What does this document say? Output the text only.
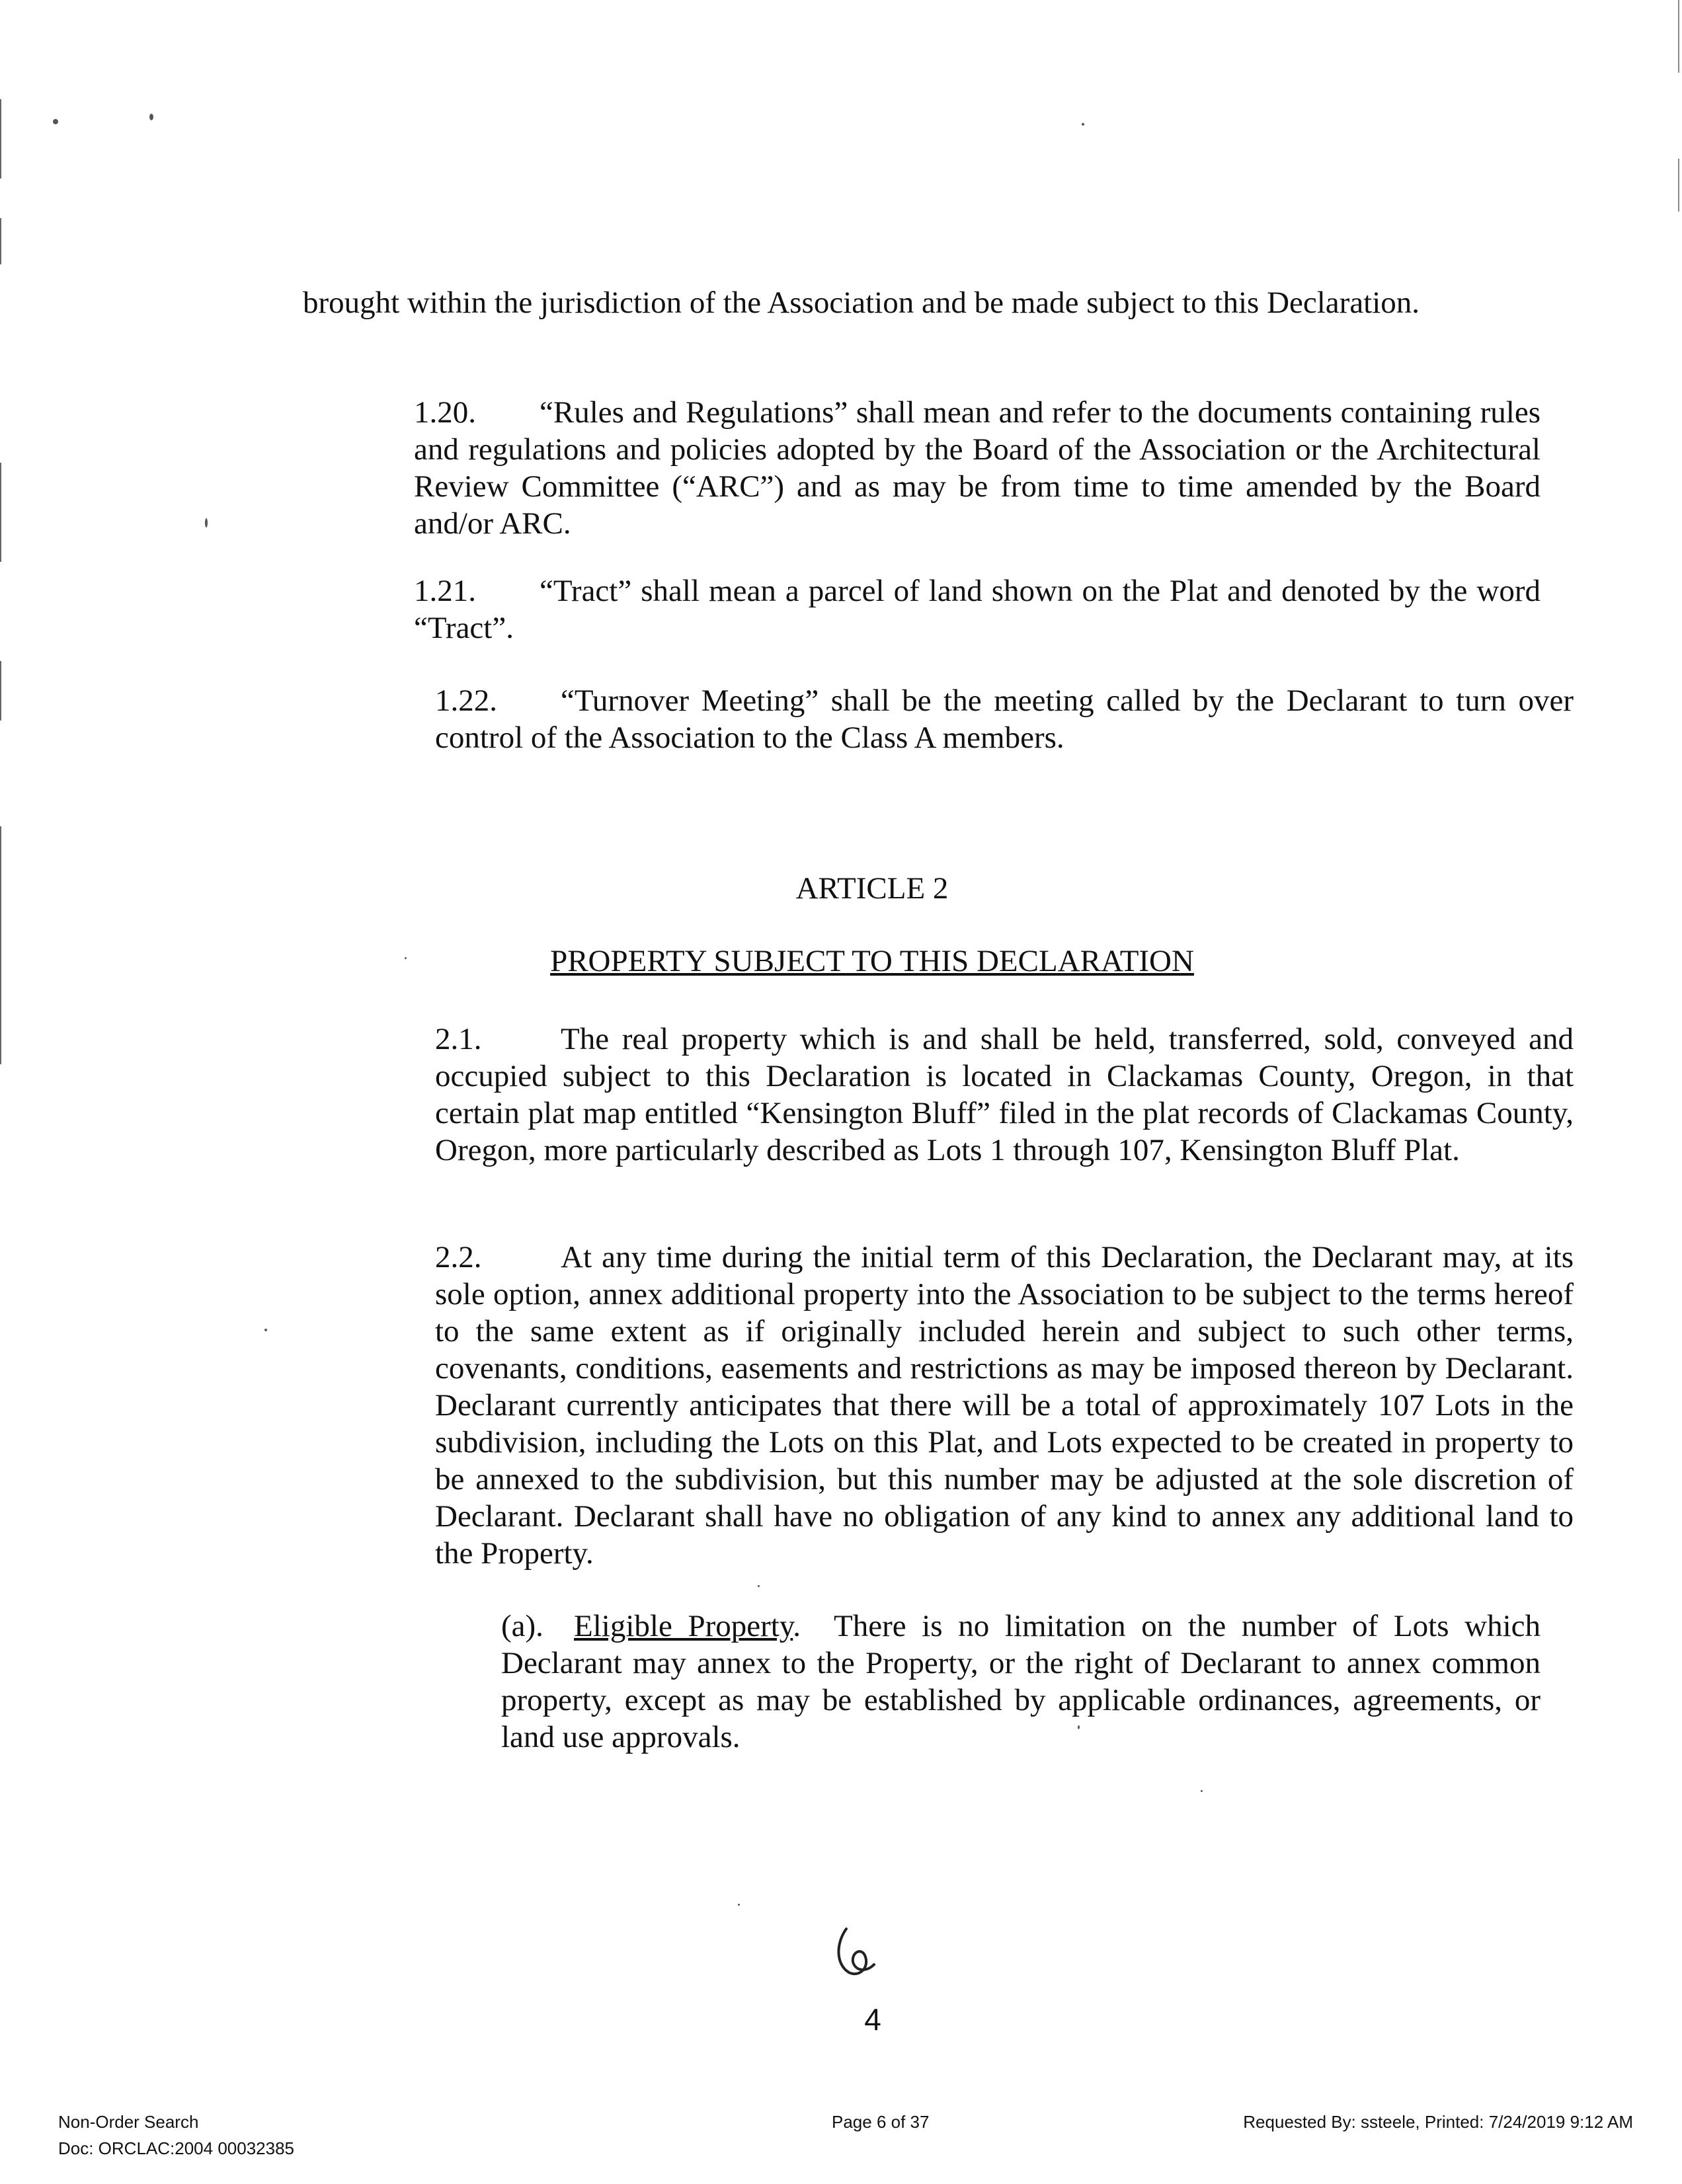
brought within the jurisdiction of the Association and be made subject to this Declaration.

1.20. “Rules and Regulations” shall mean and refer to the documents containing rules and regulations and policies adopted by the Board of the Association or the Architectural Review Committee (“ARC”) and as may be from time to time amended by the Board and/or ARC.

1.21. “Tract” shall mean a parcel of land shown on the Plat and denoted by the word “Tract”.

1.22. “Turnover Meeting” shall be the meeting called by the Declarant to turn over control of the Association to the Class A members.

ARTICLE 2

PROPERTY SUBJECT TO THIS DECLARATION

2.1.	The real property which is and shall be held, transferred, sold, conveyed and occupied subject to this Declaration is located in Clackamas County, Oregon, in that certain plat map entitled “Kensington Bluff” filed in the plat records of Clackamas County, Oregon, more particularly described as Lots 1 through 107, Kensington Bluff Plat.

2.2.	At any time during the initial term of this Declaration, the Declarant may, at its sole option, annex additional property into the Association to be subject to the terms hereof to the same extent as if originally included herein and subject to such other terms, covenants, conditions, easements and restrictions as may be imposed thereon by Declarant. Declarant currently anticipates that there will be a total of approximately 107 Lots in the subdivision, including the Lots on this Plat, and Lots expected to be created in property to be annexed to the subdivision, but this number may be adjusted at the sole discretion of Declarant. Declarant shall have no obligation of any kind to annex any additional land to the Property.

(a). Eligible Property. There is no limitation on the number of Lots which Declarant may annex to the Property, or the right of Declarant to annex common property, except as may be established by applicable ordinances, agreements, or land use approvals.

4
Non-Order Search
Doc: ORCLAC:2004 00032385
Page 6 of 37	Requested By: ssteele, Printed: 7/24/2019 9:12 AM
